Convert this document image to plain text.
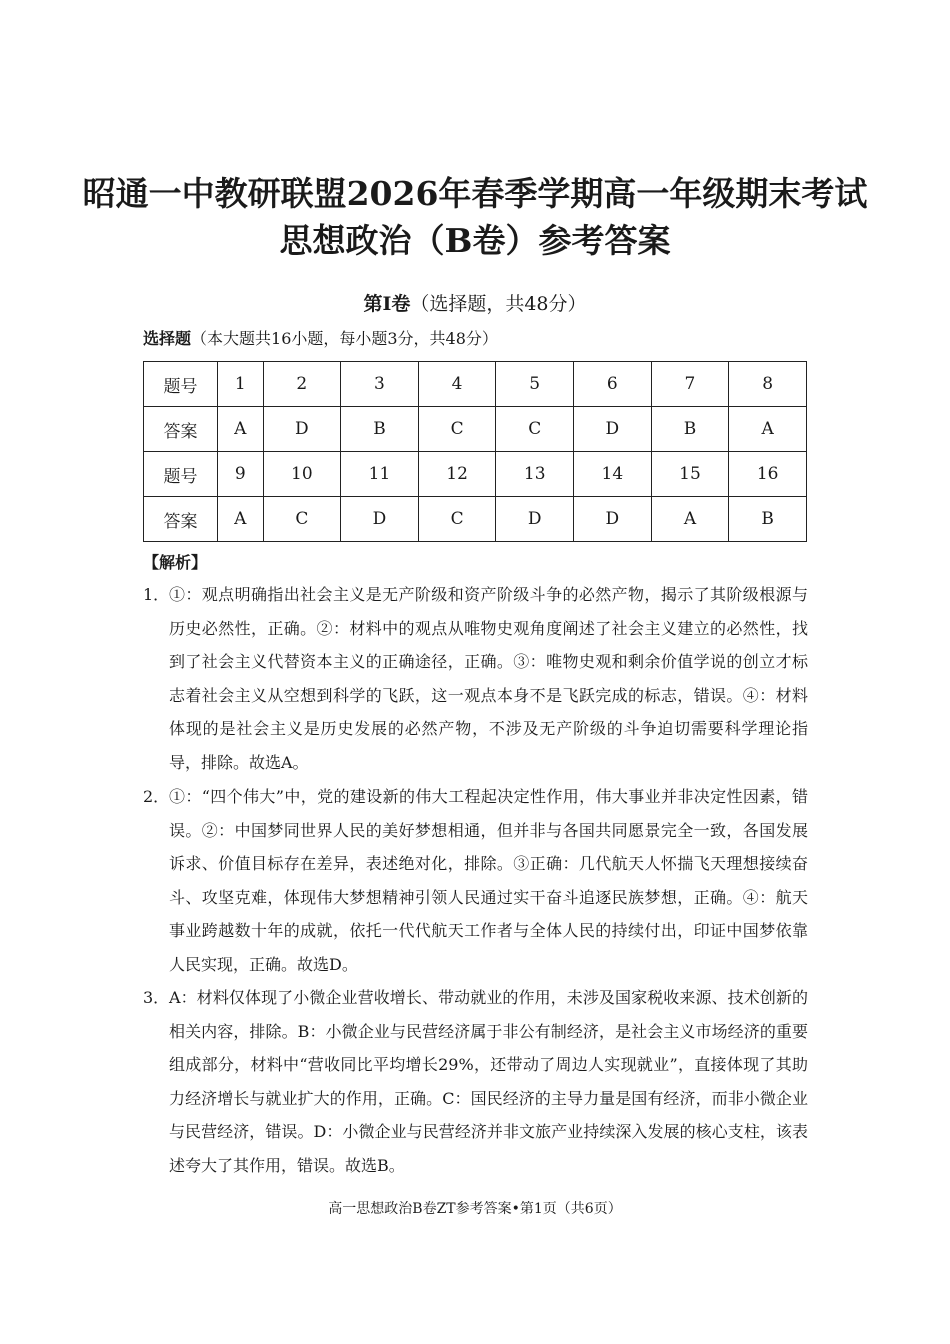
昭通一中教研联盟2026年春季学期高一年级期末考试
思想政治（B卷）参考答案
第Ⅰ卷（选择题，共48分）
选择题（本大题共16小题，每小题3分，共48分）
题号	1	2	3	4	5	6	7	8
答案	A	D	B	C	C	D	B	A
题号	9	10	11	12	13	14	15	16
答案	A	C	D	C	D	D	A	B
【解析】
1． ①：观点明确指出社会主义是无产阶级和资产阶级斗争的必然产物，揭示了其阶级根源与历史必然性，正确。②：材料中的观点从唯物史观角度阐述了社会主义建立的必然性，找到了社会主义代替资本主义的正确途径，正确。③：唯物史观和剩余价值学说的创立才标志着社会主义从空想到科学的飞跃，这一观点本身不是飞跃完成的标志，错误。④：材料体现的是社会主义是历史发展的必然产物，不涉及无产阶级的斗争迫切需要科学理论指导，排除。故选A。
2． ①：“四个伟大”中，党的建设新的伟大工程起决定性作用，伟大事业并非决定性因素，错误。②：中国梦同世界人民的美好梦想相通，但并非与各国共同愿景完全一致，各国发展诉求、价值目标存在差异，表述绝对化，排除。③正确：几代航天人怀揣飞天理想接续奋斗、攻坚克难，体现伟大梦想精神引领人民通过实干奋斗追逐民族梦想，正确。④：航天事业跨越数十年的成就，依托一代代航天工作者与全体人民的持续付出，印证中国梦依靠人民实现，正确。故选D。
3． A：材料仅体现了小微企业营收增长、带动就业的作用，未涉及国家税收来源、技术创新的相关内容，排除。B：小微企业与民营经济属于非公有制经济，是社会主义市场经济的重要组成部分，材料中“营收同比平均增长29%，还带动了周边人实现就业”，直接体现了其助力经济增长与就业扩大的作用，正确。C：国民经济的主导力量是国有经济，而非小微企业与民营经济，错误。D：小微企业与民营经济并非文旅产业持续深入发展的核心支柱，该表述夸大了其作用，错误。故选B。
高一思想政治B卷ZT参考答案•第1页（共6页）
